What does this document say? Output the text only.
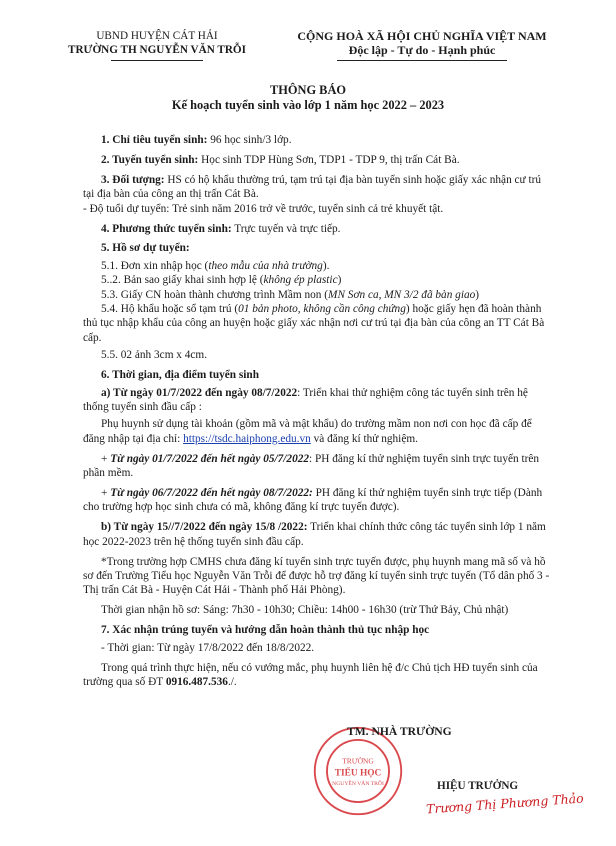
UBND HUYỆN CÁT HẢI
TRƯỜNG TH NGUYỄN VĂN TRỖI
CỘNG HOÀ XÃ HỘI CHỦ NGHĨA VIỆT NAM
Độc lập - Tự do - Hạnh phúc
THÔNG BÁO
Kế hoạch tuyển sinh vào lớp 1 năm học 2022 – 2023

1. Chỉ tiêu tuyển sinh: 96 học sinh/3 lớp.

2. Tuyến tuyển sinh: Học sinh TDP Hùng Sơn, TDP1 - TDP 9, thị trấn Cát Bà.

3. Đối tượng: HS có hộ khẩu thường trú, tạm trú tại địa bàn tuyển sinh hoặc giấy xác nhận cư trú tại địa bàn của công an thị trấn Cát Bà.

- Độ tuổi dự tuyển: Trẻ sinh năm 2016 trở về trước, tuyển sinh cả trẻ khuyết tật.

4. Phương thức tuyển sinh: Trực tuyến và trực tiếp.

5. Hồ sơ dự tuyển:

5.1. Đơn xin nhập học (theo mẫu của nhà trường).

5..2. Bản sao giấy khai sinh hợp lệ (không ép plastic)

5.3. Giấy CN hoàn thành chương trình Mầm non (MN Sơn ca, MN 3/2 đã bàn giao)

5.4. Hộ khẩu hoặc sổ tạm trú (01 bản photo, không cần công chứng) hoặc giấy hẹn đã hoàn thành thủ tục nhập khẩu của công an huyện hoặc giấy xác nhận nơi cư trú tại địa bàn của công an TT Cát Bà cấp.

5.5. 02 ảnh 3cm x 4cm.

6. Thời gian, địa điểm tuyển sinh

a) Từ ngày 01/7/2022 đến ngày 08/7/2022: Triển khai thử nghiệm công tác tuyển sinh trên hệ thống tuyển sinh đầu cấp :

Phụ huynh sử dụng tài khoản (gồm mã và mật khẩu) do trường mầm non nơi con học đã cấp để đăng nhập tại địa chỉ: https://tsdc.haiphong.edu.vn và đăng kí thử nghiệm.

+ Từ ngày 01/7/2022 đến hết ngày 05/7/2022: PH đăng kí thử nghiệm tuyển sinh trực tuyến trên phần mềm.

+ Từ ngày 06/7/2022 đến hết ngày 08/7/2022: PH đăng kí thử nghiệm tuyển sinh trực tiếp (Dành cho trường hợp học sinh chưa có mã, không đăng kí trực tuyến được).

b) Từ ngày 15//7/2022 đến ngày 15/8 /2022: Triển khai chính thức công tác tuyển sinh lớp 1 năm học 2022-2023 trên hệ thống tuyển sinh đầu cấp.

*Trong trường hợp CMHS chưa đăng kí tuyển sinh trực tuyến được, phụ huynh mang mã số và hồ sơ đến Trường Tiểu học Nguyễn Văn Trỗi để được hỗ trợ đăng kí tuyển sinh trực tuyến (Tổ dân phố 3 - Thị trấn Cát Bà - Huyện Cát Hải - Thành phố Hải Phòng).

Thời gian nhận hồ sơ: Sáng: 7h30 - 10h30; Chiều: 14h00 - 16h30 (trừ Thứ Bảy, Chủ nhật)

7. Xác nhận trúng tuyển và hướng dẫn hoàn thành thủ tục nhập học

- Thời gian: Từ ngày 17/8/2022 đến 18/8/2022.

Trong quá trình thực hiện, nếu có vướng mắc, phụ huynh liên hệ đ/c Chủ tịch HĐ tuyển sinh của trường qua số ĐT 0916.487.536./.

TRƯỜNG
TIỂU HỌC
NGUYỄN VĂN TRỖI
TM. NHÀ TRƯỜNG
HIỆU TRƯỞNG
Trương Thị Phương Thảo
